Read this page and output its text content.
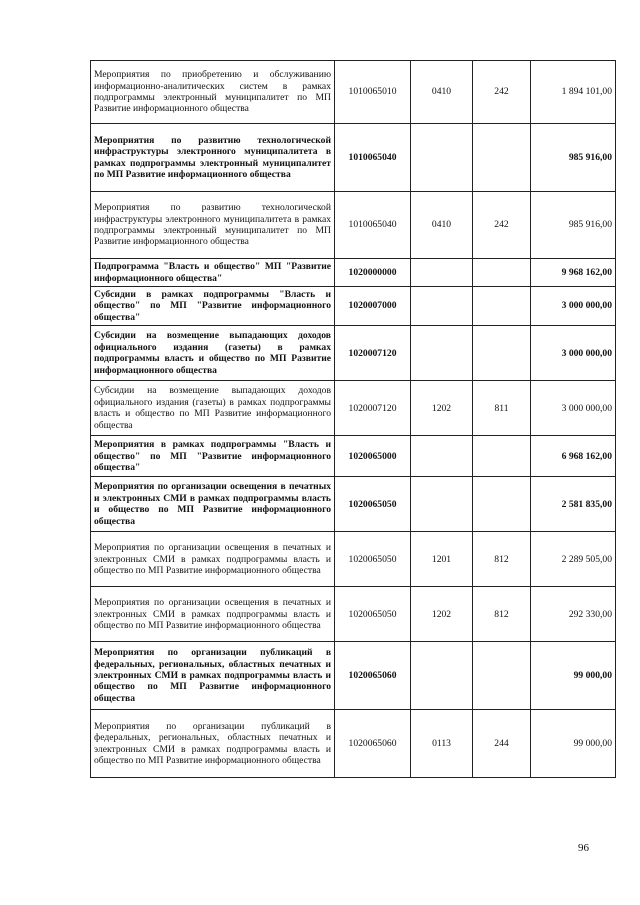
Мероприятия по приобретению и обслуживанию информационно-аналитических систем в рамках подпрограммы электронный муниципалитет по МП Развитие информационного общества	1010065010	0410	242	1 894 101,00
Мероприятия по развитию технологической инфраструктуры электронного муниципалитета в рамках подпрограммы электронный муниципалитет по МП Развитие информационного общества	1010065040			985 916,00
Мероприятия по развитию технологической инфраструктуры электронного муниципалитета в рамках подпрограммы электронный муниципалитет по МП Развитие информационного общества	1010065040	0410	242	985 916,00
Подпрограмма "Власть и общество" МП "Развитие информационного общества"	1020000000			9 968 162,00
Субсидии в рамках подпрограммы "Власть и общество" по МП "Развитие информационного общества"	1020007000			3 000 000,00
Субсидии на возмещение выпадающих доходов официального издания (газеты) в рамках подпрограммы власть и общество по МП Развитие информационного общества	1020007120			3 000 000,00
Субсидии на возмещение выпадающих доходов официального издания (газеты) в рамках подпрограммы власть и общество по МП Развитие информационного общества	1020007120	1202	811	3 000 000,00
Мероприятия в рамках подпрограммы "Власть и общество" по МП "Развитие информационного общества"	1020065000			6 968 162,00
Мероприятия по организации освещения в печатных и электронных СМИ в рамках подпрограммы власть и общество по МП Развитие информационного общества	1020065050			2 581 835,00
Мероприятия по организации освещения в печатных и электронных СМИ в рамках подпрограммы власть и общество по МП Развитие информационного общества	1020065050	1201	812	2 289 505,00
Мероприятия по организации освещения в печатных и электронных СМИ в рамках подпрограммы власть и общество по МП Развитие информационного общества	1020065050	1202	812	292 330,00
Мероприятия по организации публикаций в федеральных, региональных, областных печатных и электронных СМИ в рамках подпрограммы власть и общество по МП Развитие информационного общества	1020065060			99 000,00
Мероприятия по организации публикаций в федеральных, региональных, областных печатных и электронных СМИ в рамках подпрограммы власть и общество по МП Развитие информационного общества	1020065060	0113	244	99 000,00
96
